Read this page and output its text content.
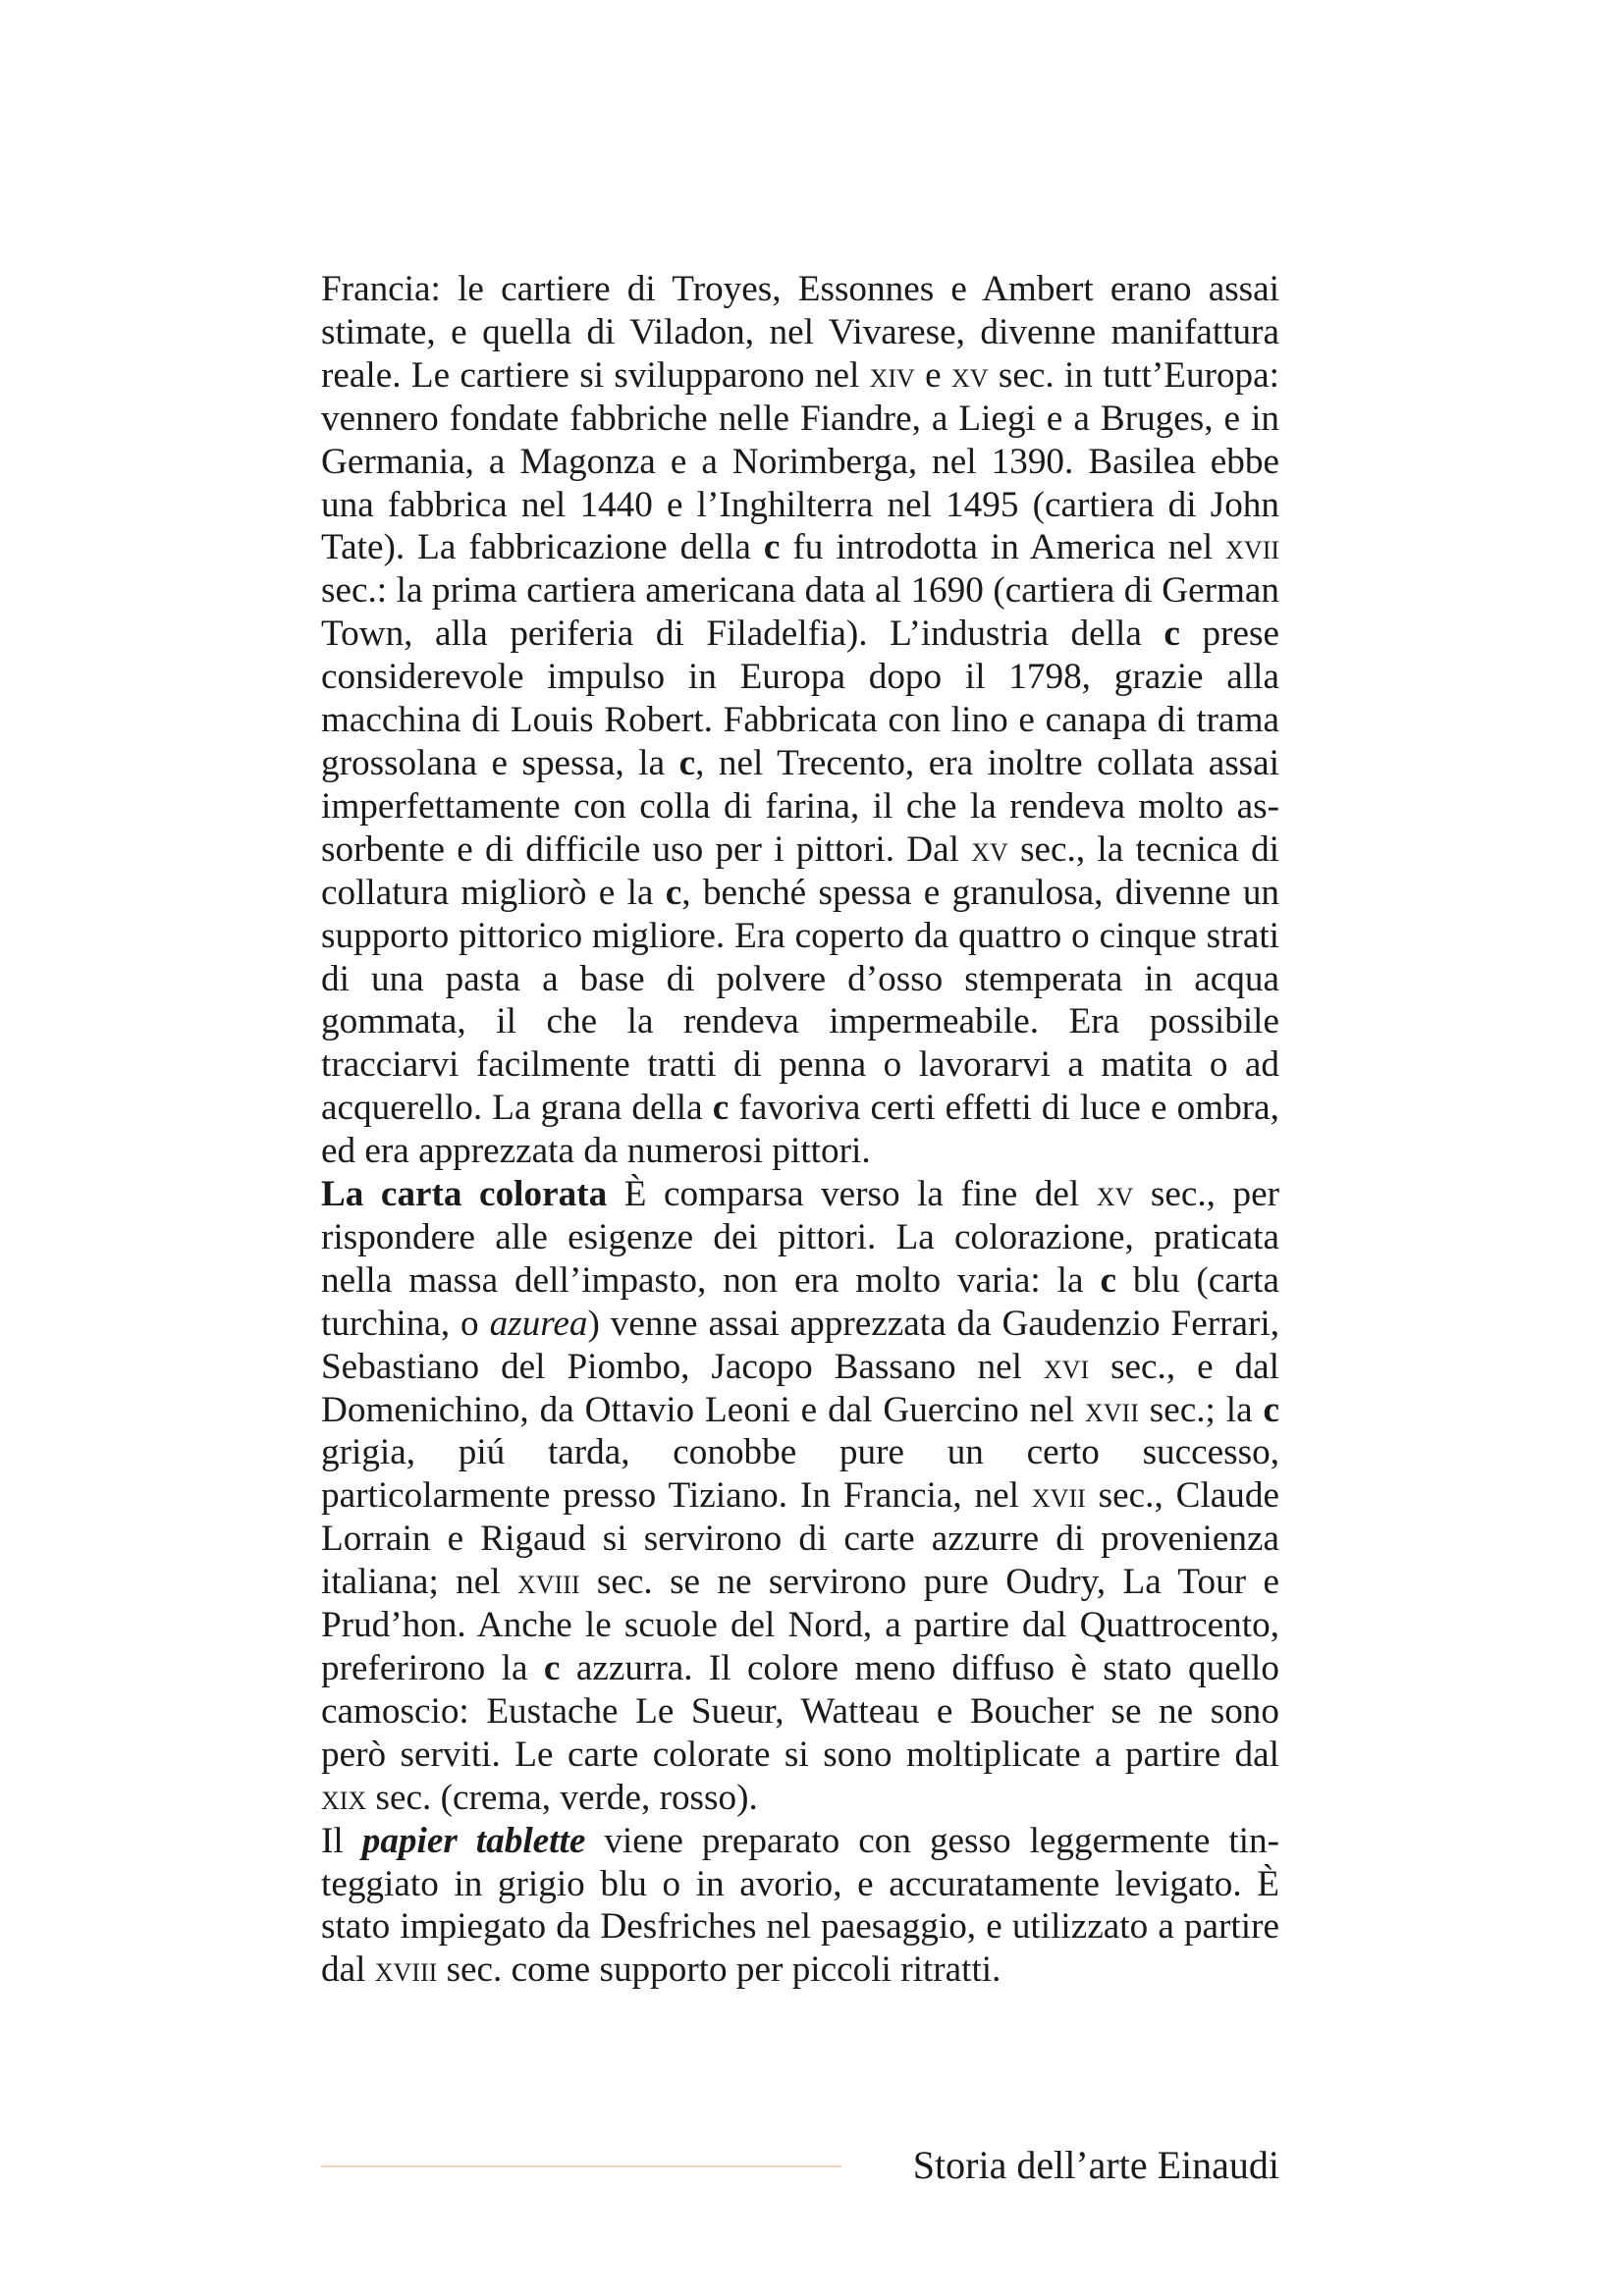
Francia: le cartiere di Troyes, Essonnes e Ambert erano assai stimate, e quella di Viladon, nel Vivarese, divenne manifattura reale. Le cartiere si svilupparono nel xiv e xv sec. in tutt’Europa: vennero fondate fabbriche nelle Fiandre, a Liegi e a Bruges, e in Germania, a Magonza e a Norimberga, nel 1390. Basilea ebbe una fabbrica nel 1440 e l’Inghilterra nel 1495 (cartiera di John Tate). La fabbricazione della c fu introdotta in America nel xvii sec.: la prima cartiera americana data al 1690 (cartiera di German Town, alla periferia di Filadelfia). L’industria della c prese considerevole impulso in Europa dopo il 1798, grazie alla macchina di Louis Robert. Fabbricata con lino e canapa di trama grossolana e spessa, la c, nel Trecento, era inoltre collata assai imperfettamente con colla di farina, il che la rendeva molto assorbente e di difficile uso per i pittori. Dal xv sec., la tecnica di collatura migliorò e la c, benché spessa e granulosa, divenne un supporto pittorico migliore. Era coperto da quattro o cinque strati di una pasta a base di polvere d’osso stemperata in acqua gommata, il che la rendeva impermeabile. Era possibile tracciarvi facilmente tratti di penna o lavorarvi a matita o ad acquerello. La grana della c favoriva certi effetti di luce e ombra, ed era apprezzata da numerosi pittori.

La carta colorata È comparsa verso la fine del xv sec., per rispondere alle esigenze dei pittori. La colorazione, praticata nella massa dell’impasto, non era molto varia: la c blu (carta turchina, o azurea) venne assai apprezzata da Gaudenzio Ferrari, Sebastiano del Piombo, Jacopo Bassano nel xvi sec., e dal Domenichino, da Ottavio Leoni e dal Guercino nel xvii sec.; la c grigia, piú tarda, conobbe pure un certo successo, particolarmente presso Tiziano. In Francia, nel xvii sec., Claude Lorrain e Rigaud si servirono di carte azzurre di provenienza italiana; nel xviii sec. se ne servirono pure Oudry, La Tour e Prud’hon. Anche le scuole del Nord, a partire dal Quattrocento, preferirono la c azzurra. Il colore meno diffuso è stato quello camoscio: Eustache Le Sueur, Watteau e Boucher se ne sono però serviti. Le carte colorate si sono moltiplicate a partire dal xix sec. (crema, verde, rosso).

Il papier tablette viene preparato con gesso leggermente tinteggiato in grigio blu o in avorio, e accuratamente levigato. È stato impiegato da Desfriches nel paesaggio, e utilizzato a partire dal xviii sec. come supporto per piccoli ritratti.

Storia dell’arte Einaudi
